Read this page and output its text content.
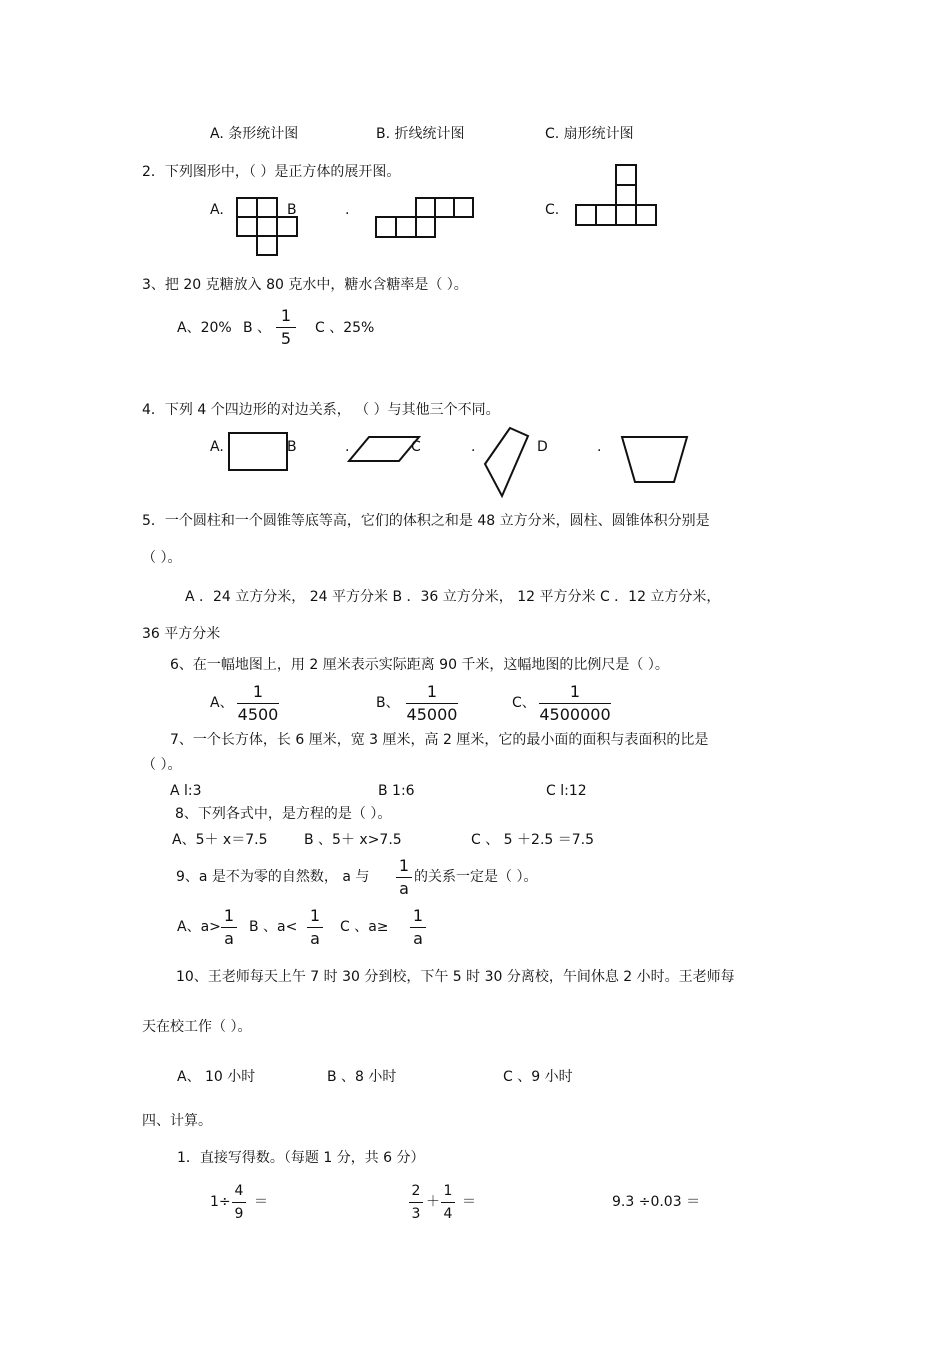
A. 条形统计图	B. 折线统计图	C. 扇形统计图
2．下列图形中，（ ）是正方体的展开图。
A.	B	.	C.
3、把 20 克糖放入 80 克水中，糖水含糖率是（ ）。
A、20% B 、
1
5
C 、25%
4．下列 4 个四边形的对边关系， （ ）与其他三个不同。
A.	B	.	C	.	D	.
5．一个圆柱和一个圆锥等底等高，它们的体积之和是 48 立方分米，圆柱、圆锥体积分别是
（ ）。
A ．24 立方分米， 24 平方分米 B ．36 立方分米， 12 平方分米 C ．12 立方分米，
36 平方分米
6、在一幅地图上，用 2 厘米表示实际距离 90 千米，这幅地图的比例尺是（ ）。
A、
1
4500
B、
1
45000
C、
1
4500000
7、一个长方体，长 6 厘米，宽 3 厘米，高 2 厘米，它的最小面的面积与表面积的比是
（ ）。
A l:3	B 1:6	C l:12
8、下列各式中，是方程的是（ ）。
A、5＋ x＝7.5	B 、5＋ x>7.5	C 、 5 ＋2.5 ＝7.5
9、a 是不为零的自然数， a 与
1
a
的关系一定是（ ）。
A、a>
1
a
B 、a<
1
a
C 、a≥
1
a
10、王老师每天上午 7 时 30 分到校，下午 5 时 30 分离校，午间休息 2 小时。王老师每
天在校工作（ ）。
A、 10 小时	B 、8 小时	C 、9 小时
四、计算。
1．直接写得数。（每题 1 分，共 6 分）
1÷
4
9
＝
2
3
＋
1
4
＝	9.3 ÷0.03 ＝
